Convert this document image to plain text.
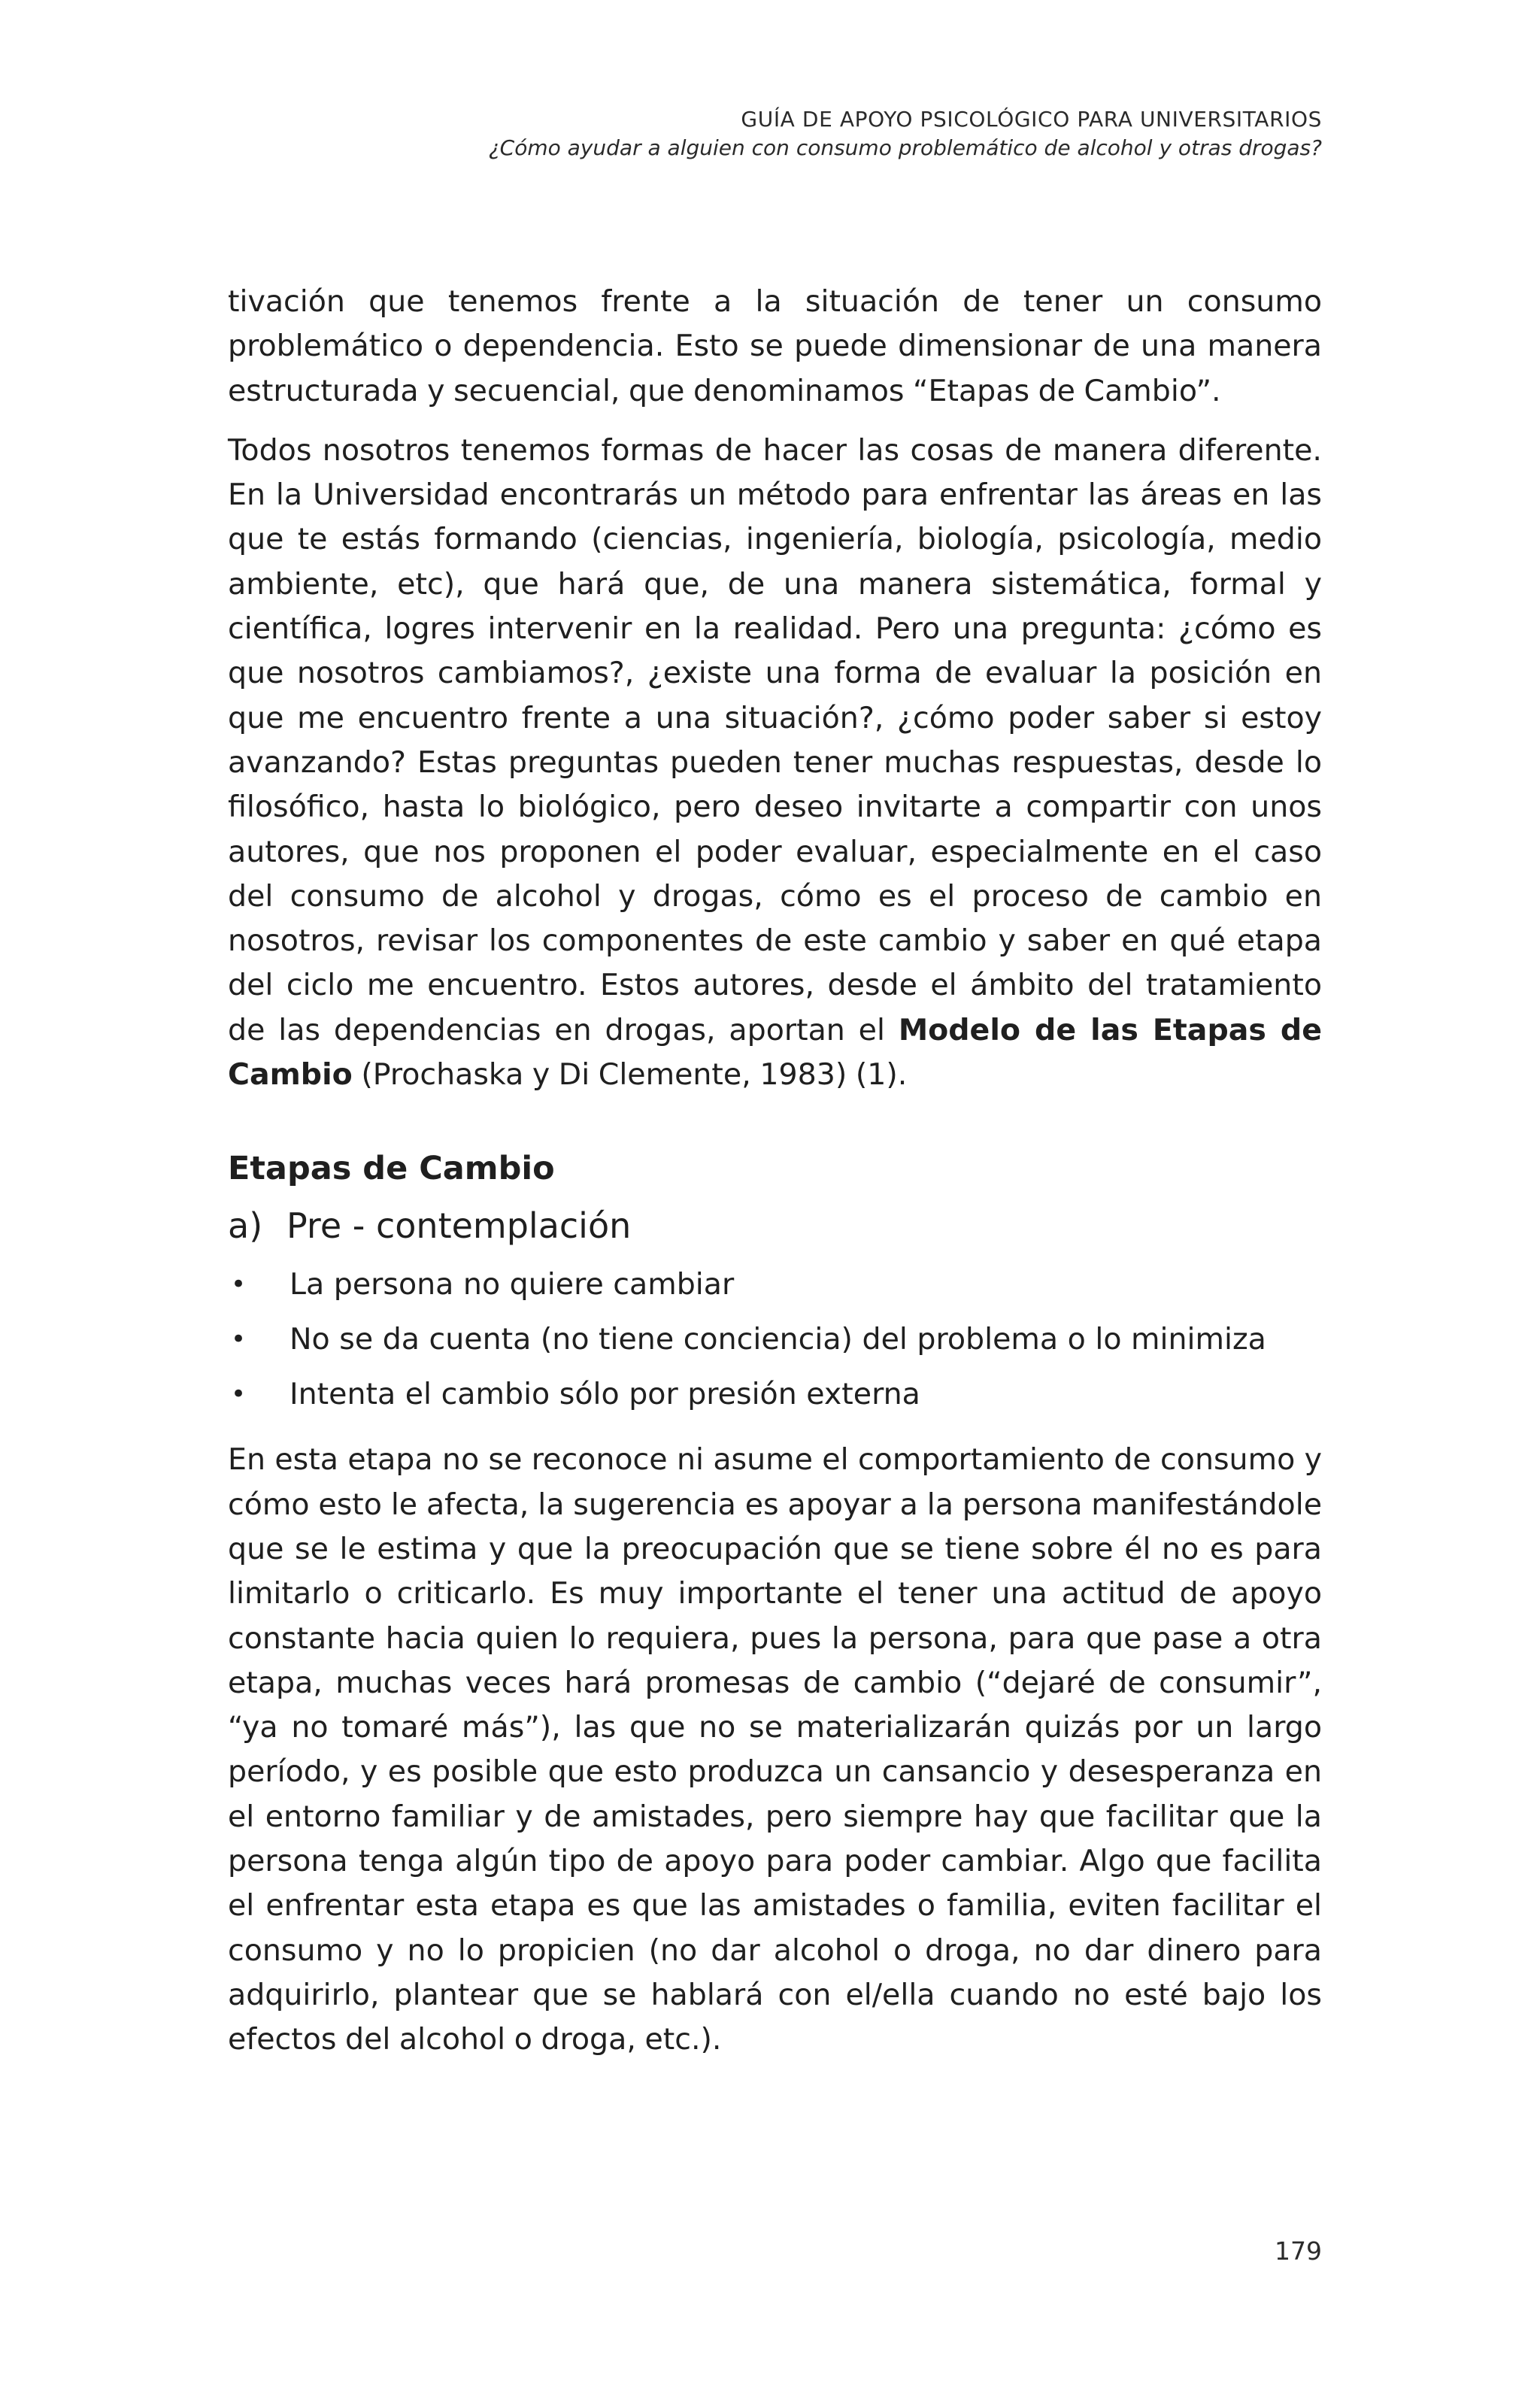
GUÍA DE APOYO PSICOLÓGICO PARA UNIVERSITARIOS
¿Cómo ayudar a alguien con consumo problemático de alcohol y otras drogas?

tivación que tenemos frente a la situación de tener un consumo problemático o dependencia. Esto se puede dimensionar de una manera estructurada y secuencial, que denominamos “Etapas de Cambio”.

Todos nosotros tenemos formas de hacer las cosas de manera diferente. En la Universidad encontrarás un método para enfrentar las áreas en las que te estás formando (ciencias, ingeniería, biología, psicología, medio ambiente, etc), que hará que, de una manera sistemática, formal y científica, logres intervenir en la realidad. Pero una pregunta: ¿cómo es que nosotros cambiamos?, ¿existe una forma de evaluar la posición en que me encuentro frente a una situación?, ¿cómo poder saber si estoy avanzando? Estas preguntas pueden tener muchas respuestas, desde lo filosófico, hasta lo biológico, pero deseo invitarte a compartir con unos autores, que nos proponen el poder evaluar, especialmente en el caso del consumo de alcohol y drogas, cómo es el proceso de cambio en nosotros, revisar los componentes de este cambio y saber en qué etapa del ciclo me encuentro. Estos autores, desde el ámbito del tratamiento de las dependencias en drogas, aportan el Modelo de las Etapas de Cambio (Prochaska y Di Clemente, 1983) (1).

Etapas de Cambio
a) Pre - contemplación
•	La persona no quiere cambiar
•	No se da cuenta (no tiene conciencia) del problema o lo minimiza
•	Intenta el cambio sólo por presión externa

En esta etapa no se reconoce ni asume el comportamiento de consumo y cómo esto le afecta, la sugerencia es apoyar a la persona manifestándole que se le estima y que la preocupación que se tiene sobre él no es para limitarlo o criticarlo. Es muy importante el tener una actitud de apoyo constante hacia quien lo requiera, pues la persona, para que pase a otra etapa, muchas veces hará promesas de cambio (“dejaré de consumir”, “ya no tomaré más”), las que no se materializarán quizás por un largo período, y es posible que esto produzca un cansancio y desesperanza en el entorno familiar y de amistades, pero siempre hay que facilitar que la persona tenga algún tipo de apoyo para poder cambiar. Algo que facilita el enfrentar esta etapa es que las amistades o familia, eviten facilitar el consumo y no lo propicien (no dar alcohol o droga, no dar dinero para adquirirlo, plantear que se hablará con el/ella cuando no esté bajo los efectos del alcohol o droga, etc.).

179
